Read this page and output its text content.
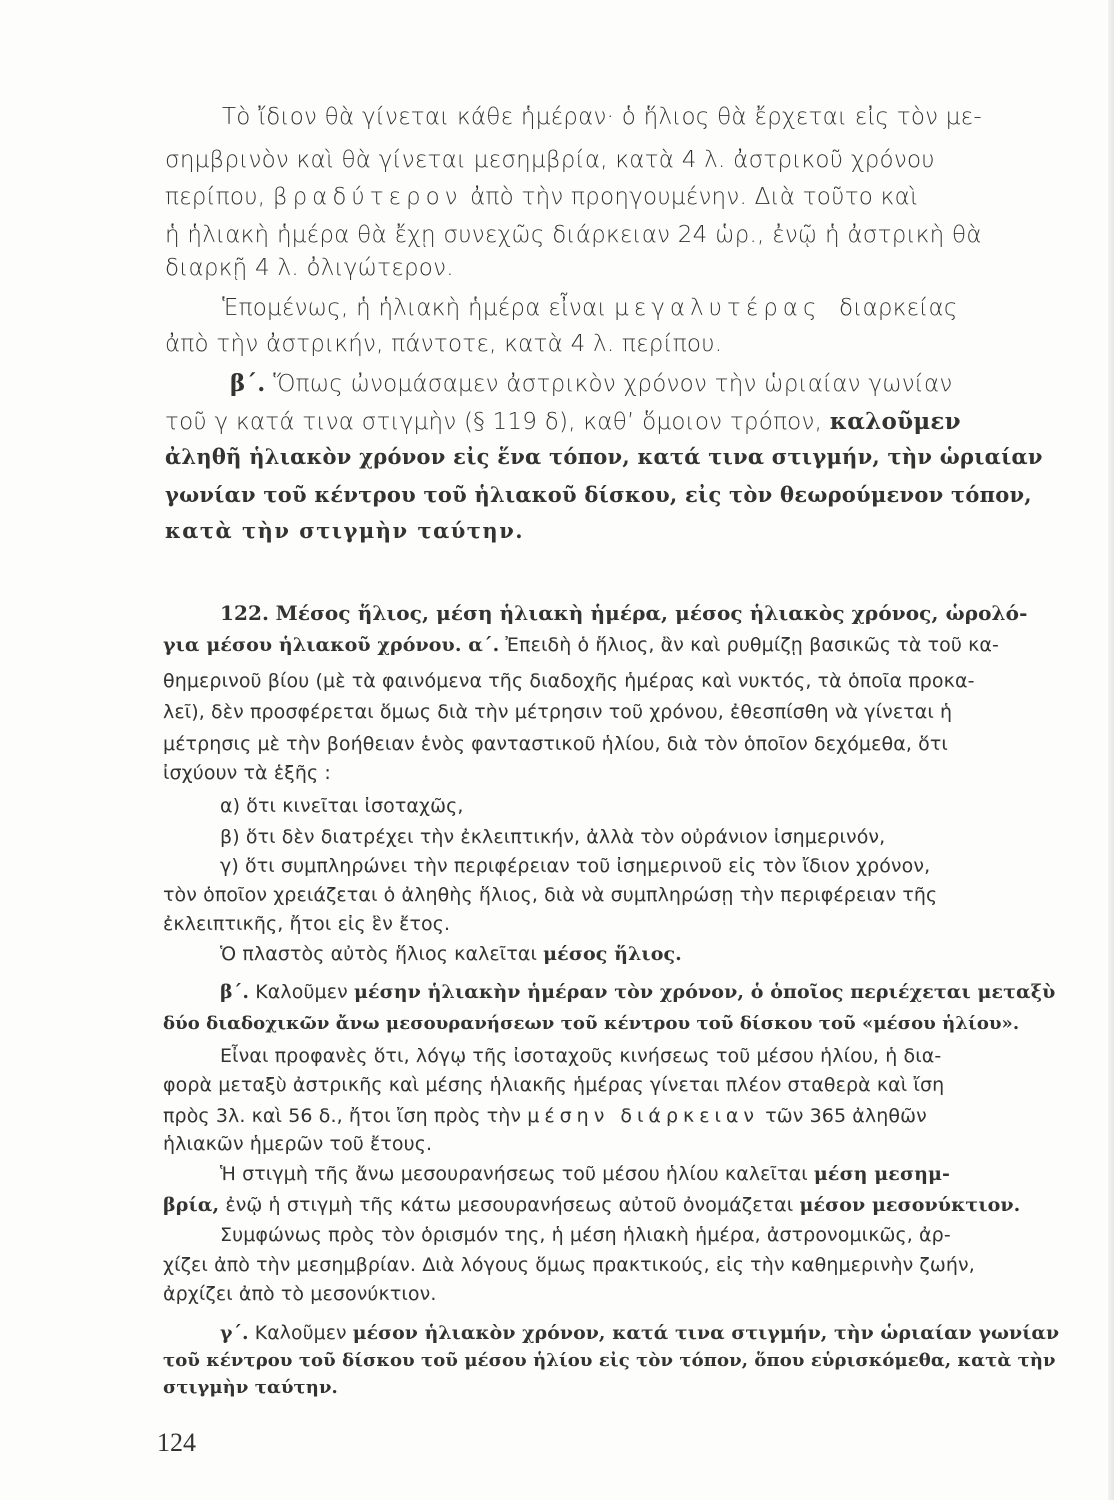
Τὸ ἴδιον θὰ γίνεται κάθε ἡμέραν· ὁ ἥλιος θὰ ἔρχεται εἰς τὸν με-
σημβρινὸν καὶ θὰ γίνεται μεσημβρία, κατὰ 4 λ. ἀστρικοῦ χρόνου
περίπου, βραδύτερον ἀπὸ τὴν προηγουμένην. Διὰ τοῦτο καὶ
ἡ ἡλιακὴ ἡμέρα θὰ ἔχῃ συνεχῶς διάρκειαν 24 ὡρ., ἐνῷ ἡ ἀστρικὴ θὰ
διαρκῇ 4 λ. ὀλιγώτερον.
Ἑπομένως, ἡ ἡλιακὴ ἡμέρα εἶναι μεγαλυτέρας διαρκείας
ἀπὸ τὴν ἀστρικήν, πάντοτε, κατὰ 4 λ. περίπου.
β΄. Ὅπως ὠνομάσαμεν ἀστρικὸν χρόνον τὴν ὡριαίαν γωνίαν
τοῦ γ κατά τινα στιγμὴν (§ 119 δ), καθ’ ὅμοιον τρόπον, καλοῦμεν
ἀληθῆ ἡλιακὸν χρόνον εἰς ἕνα τόπον, κατά τινα στιγμήν, τὴν ὡριαίαν
γωνίαν τοῦ κέντρου τοῦ ἡλιακοῦ δίσκου, εἰς τὸν θεωρούμενον τόπον,
κατὰ τὴν στιγμὴν ταύτην.
122. Μέσος ἥλιος, μέση ἡλιακὴ ἡμέρα, μέσος ἡλιακὸς χρόνος, ὡρολό-
για μέσου ἡλιακοῦ χρόνου. α΄. Ἐπειδὴ ὁ ἥλιος, ἂν καὶ ρυθμίζῃ βασικῶς τὰ τοῦ κα-
θημερινοῦ βίου (μὲ τὰ φαινόμενα τῆς διαδοχῆς ἡμέρας καὶ νυκτός, τὰ ὁποῖα προκα-
λεῖ), δὲν προσφέρεται ὅμως διὰ τὴν μέτρησιν τοῦ χρόνου, ἐθεσπίσθη νὰ γίνεται ἡ
μέτρησις μὲ τὴν βοήθειαν ἑνὸς φανταστικοῦ ἡλίου, διὰ τὸν ὁποῖον δεχόμεθα, ὅτι
ἰσχύουν τὰ ἑξῆς :
α) ὅτι κινεῖται ἰσοταχῶς,
β) ὅτι δὲν διατρέχει τὴν ἐκλειπτικήν, ἀλλὰ τὸν οὐράνιον ἰσημερινόν,
γ) ὅτι συμπληρώνει τὴν περιφέρειαν τοῦ ἰσημερινοῦ εἰς τὸν ἴδιον χρόνον,
τὸν ὁποῖον χρειάζεται ὁ ἀληθὴς ἥλιος, διὰ νὰ συμπληρώσῃ τὴν περιφέρειαν τῆς
ἐκλειπτικῆς, ἤτοι εἰς ἓν ἔτος.
Ὁ πλαστὸς αὐτὸς ἥλιος καλεῖται μέσος ἥλιος.
β΄. Καλοῦμεν μέσην ἡλιακὴν ἡμέραν τὸν χρόνον, ὁ ὁποῖος περιέχεται μεταξὺ
δύο διαδοχικῶν ἄνω μεσουρανήσεων τοῦ κέντρου τοῦ δίσκου τοῦ «μέσου ἡλίου».
Εἶναι προφανὲς ὅτι, λόγῳ τῆς ἰσοταχοῦς κινήσεως τοῦ μέσου ἡλίου, ἡ δια-
φορὰ μεταξὺ ἀστρικῆς καὶ μέσης ἡλιακῆς ἡμέρας γίνεται πλέον σταθερὰ καὶ ἴση
πρὸς 3λ. καὶ 56 δ., ἤτοι ἴση πρὸς τὴν μέσην διάρκειαν τῶν 365 ἀληθῶν
ἡλιακῶν ἡμερῶν τοῦ ἔτους.
Ἡ στιγμὴ τῆς ἄνω μεσουρανήσεως τοῦ μέσου ἡλίου καλεῖται μέση μεσημ-
βρία, ἐνῷ ἡ στιγμὴ τῆς κάτω μεσουρανήσεως αὐτοῦ ὀνομάζεται μέσον μεσονύκτιον.
Συμφώνως πρὸς τὸν ὁρισμόν της, ἡ μέση ἡλιακὴ ἡμέρα, ἀστρονομικῶς, ἀρ-
χίζει ἀπὸ τὴν μεσημβρίαν. Διὰ λόγους ὅμως πρακτικούς, εἰς τὴν καθημερινὴν ζωήν,
ἀρχίζει ἀπὸ τὸ μεσονύκτιον.
γ΄. Καλοῦμεν μέσον ἡλιακὸν χρόνον, κατά τινα στιγμήν, τὴν ὡριαίαν γωνίαν
τοῦ κέντρου τοῦ δίσκου τοῦ μέσου ἡλίου εἰς τὸν τόπον, ὅπου εὑρισκόμεθα, κατὰ τὴν
στιγμὴν ταύτην.
124
